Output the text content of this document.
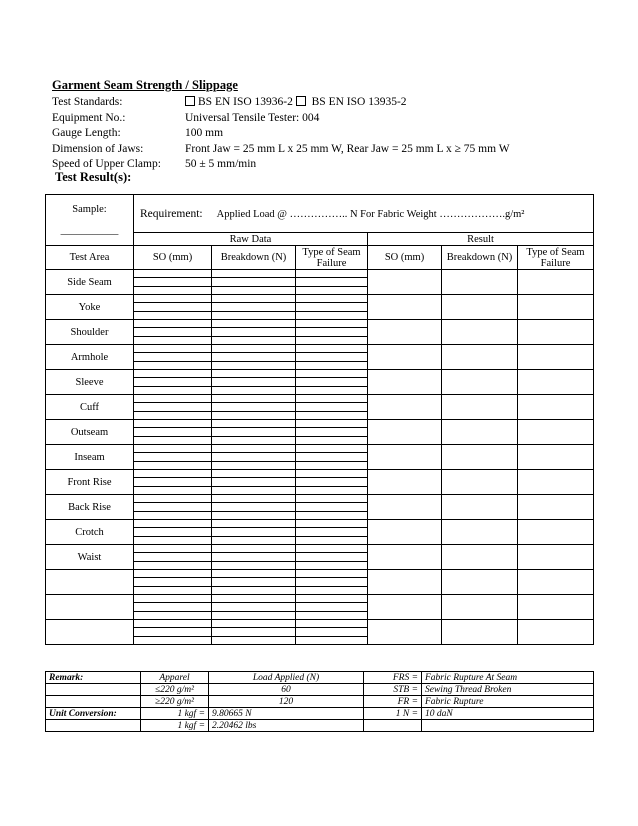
Garment Seam Strength / Slippage
Test Standards:	BS EN ISO 13936-2 BS EN ISO 13935-2
Equipment No.:	Universal Tensile Tester: 004
Gauge Length:	100 mm
Dimension of Jaws:	Front Jaw = 25 mm L x 25 mm W, Rear Jaw = 25 mm L x ≥ 75 mm W
Speed of Upper Clamp:	50 ± 5 mm/min
Test Result(s):
Sample:
___________	Requirement: Applied Load @ …………….. N For Fabric Weight ……………….g/m²					
	Raw Data			Result		
Test Area	SO (mm)	Breakdown (N)	Type of Seam Failure	SO (mm)	Breakdown (N)	Type of Seam Failure
Side Seam	

Yoke	

Shoulder	

Armhole	

Sleeve	

Cuff	

Outseam	

Inseam	

Front Rise	

Back Rise	

Crotch	

Waist	

Remark:	Apparel	Load Applied (N)	FRS =	Fabric Rupture At Seam
	≤220 g/m²	60	STB =	Sewing Thread Broken
	≥220 g/m²	120	FR =	Fabric Rupture
Unit Conversion:	1 kgf =	9.80665 N	1 N =	10 daN
	1 kgf =	2.20462 lbs		
